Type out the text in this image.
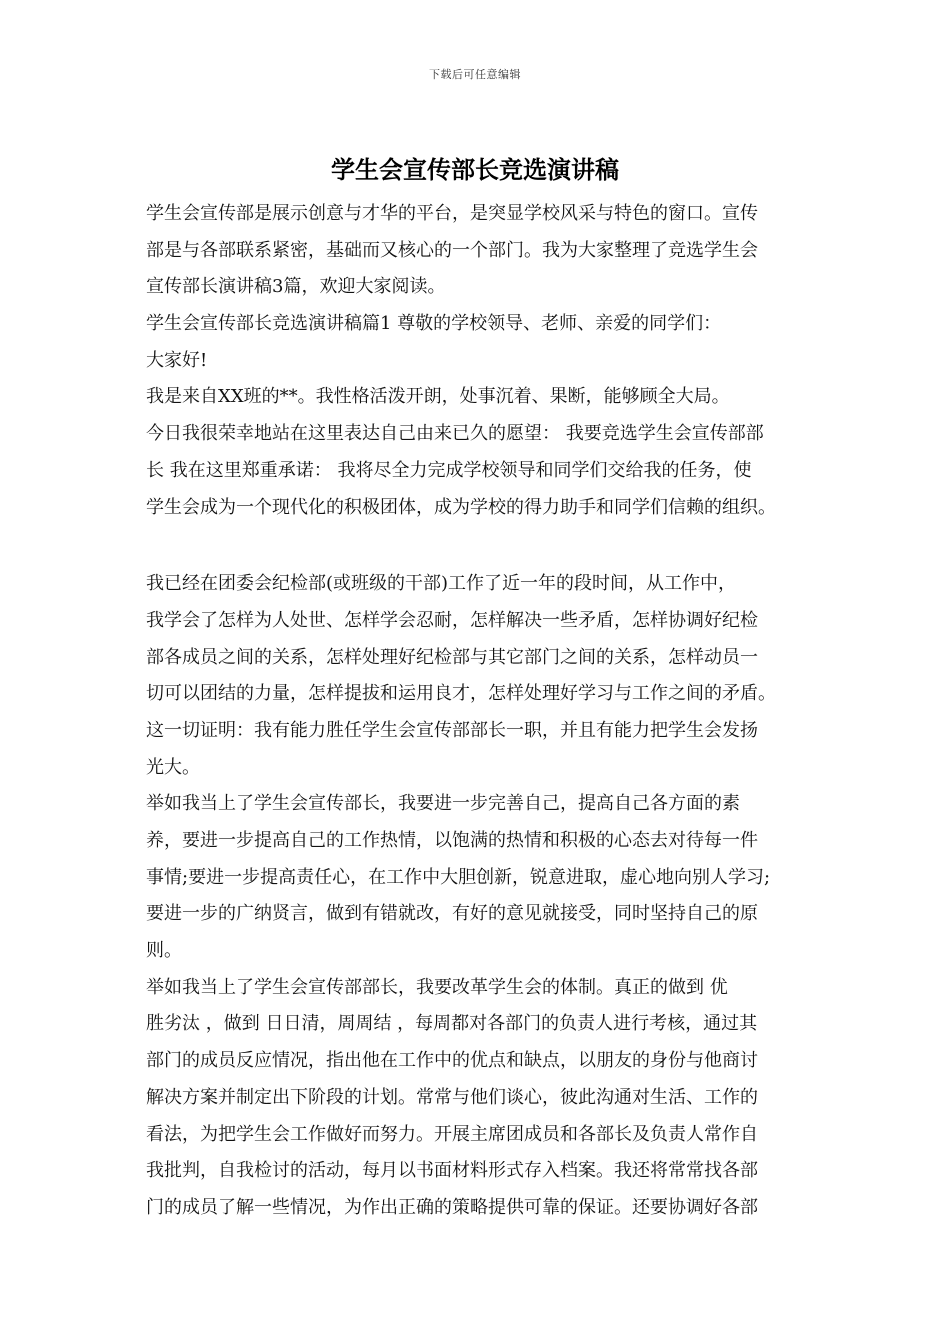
下载后可任意编辑
学生会宣传部长竞选演讲稿
学生会宣传部是展示创意与才华的平台，是突显学校风采与特色的窗口。宣传
部是与各部联系紧密，基础而又核心的一个部门。我为大家整理了竞选学生会
宣传部长演讲稿3篇，欢迎大家阅读。
学生会宣传部长竞选演讲稿篇1 尊敬的学校领导、老师、亲爱的同学们：
大家好!
我是来自XX班的**。我性格活泼开朗，处事沉着、果断，能够顾全大局。
今日我很荣幸地站在这里表达自己由来已久的愿望： 我要竞选学生会宣传部部
长 我在这里郑重承诺： 我将尽全力完成学校领导和同学们交给我的任务，使
学生会成为一个现代化的积极团体，成为学校的得力助手和同学们信赖的组织。
我已经在团委会纪检部(或班级的干部)工作了近一年的段时间，从工作中，
我学会了怎样为人处世、怎样学会忍耐，怎样解决一些矛盾，怎样协调好纪检
部各成员之间的关系，怎样处理好纪检部与其它部门之间的关系，怎样动员一
切可以团结的力量，怎样提拔和运用良才，怎样处理好学习与工作之间的矛盾。
这一切证明：我有能力胜任学生会宣传部部长一职，并且有能力把学生会发扬
光大。
举如我当上了学生会宣传部长，我要进一步完善自己，提高自己各方面的素
养，要进一步提高自己的工作热情，以饱满的热情和积极的心态去对待每一件
事情;要进一步提高责任心，在工作中大胆创新，锐意进取，虚心地向别人学习;
要进一步的广纳贤言，做到有错就改，有好的意见就接受，同时坚持自己的原
则。
举如我当上了学生会宣传部部长，我要改革学生会的体制。真正的做到 优
胜劣汰 ，做到 日日清，周周结 ，每周都对各部门的负责人进行考核，通过其
部门的成员反应情况，指出他在工作中的优点和缺点，以朋友的身份与他商讨
解决方案并制定出下阶段的计划。常常与他们谈心，彼此沟通对生活、工作的
看法，为把学生会工作做好而努力。开展主席团成员和各部长及负责人常作自
我批判，自我检讨的活动，每月以书面材料形式存入档案。我还将常常找各部
门的成员了解一些情况，为作出正确的策略提供可靠的保证。还要协调好各部
